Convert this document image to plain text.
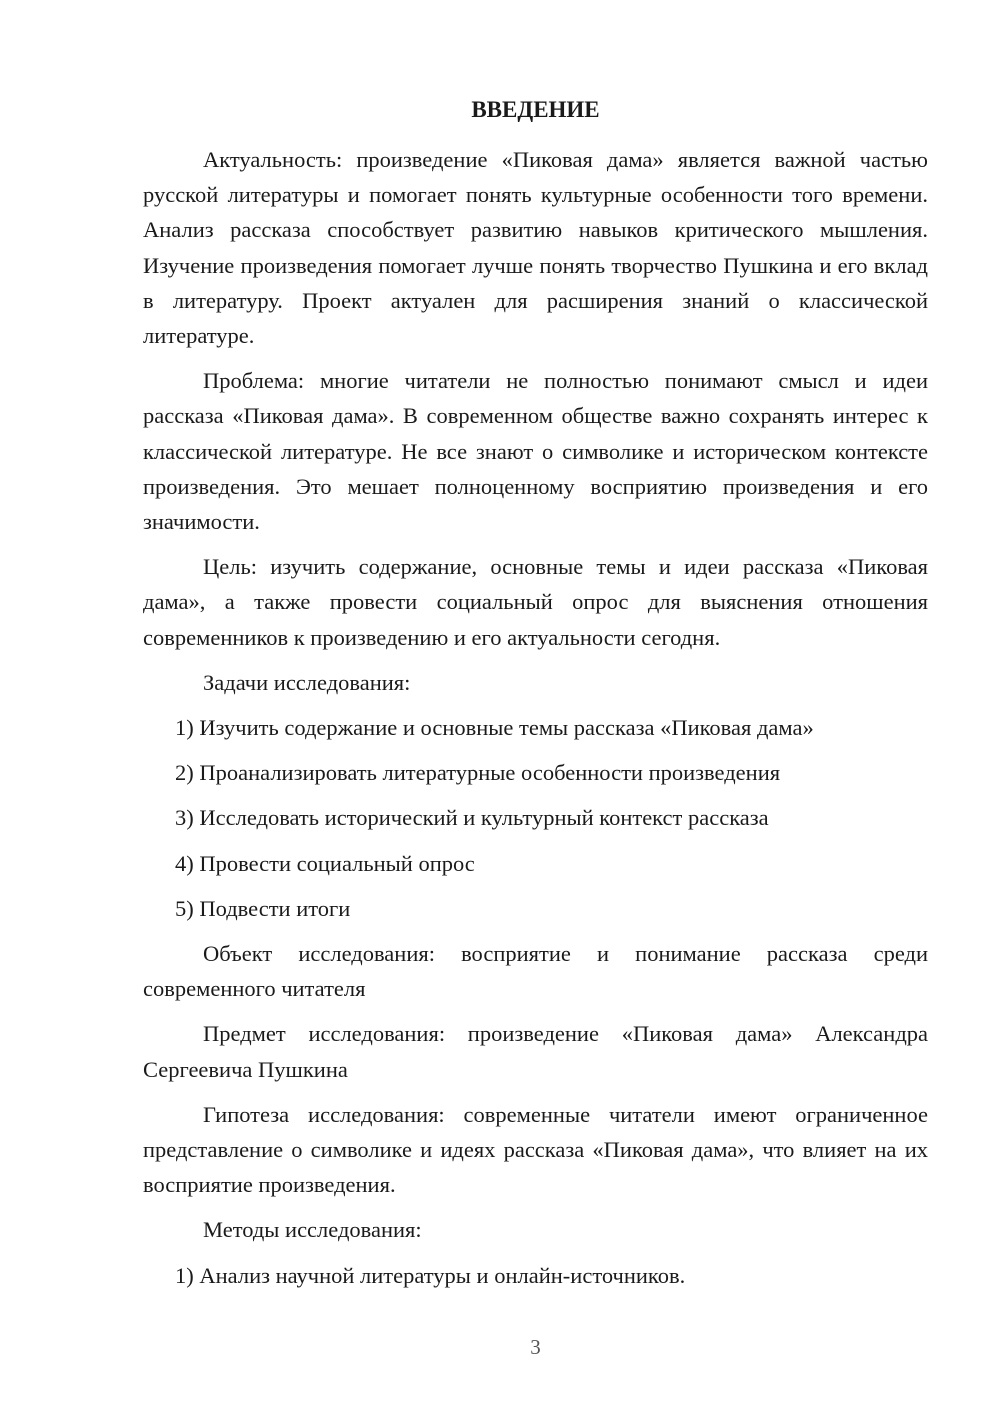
ВВЕДЕНИЕ

Актуальность: произведение «Пиковая дама» является важной частью русской литературы и помогает понять культурные особенности того времени. Анализ рассказа способствует развитию навыков критического мышления. Изучение произведения помогает лучше понять творчество Пушкина и его вклад в литературу. Проект актуален для расширения знаний о классической литературе.

Проблема: многие читатели не полностью понимают смысл и идеи рассказа «Пиковая дама». В современном обществе важно сохранять интерес к классической литературе. Не все знают о символике и историческом контексте произведения. Это мешает полноценному восприятию произведения и его значимости.

Цель: изучить содержание, основные темы и идеи рассказа «Пиковая дама», а также провести социальный опрос для выяснения отношения современников к произведению и его актуальности сегодня.

Задачи исследования:

1) Изучить содержание и основные темы рассказа «Пиковая дама»
2) Проанализировать литературные особенности произведения
3) Исследовать исторический и культурный контекст рассказа
4) Провести социальный опрос
5) Подвести итоги

Объект исследования: восприятие и понимание рассказа среди современного читателя

Предмет исследования: произведение «Пиковая дама» Александра Сергеевича Пушкина

Гипотеза исследования: современные читатели имеют ограниченное представление о символике и идеях рассказа «Пиковая дама», что влияет на их восприятие произведения.

Методы исследования:

1) Анализ научной литературы и онлайн-источников.
3
